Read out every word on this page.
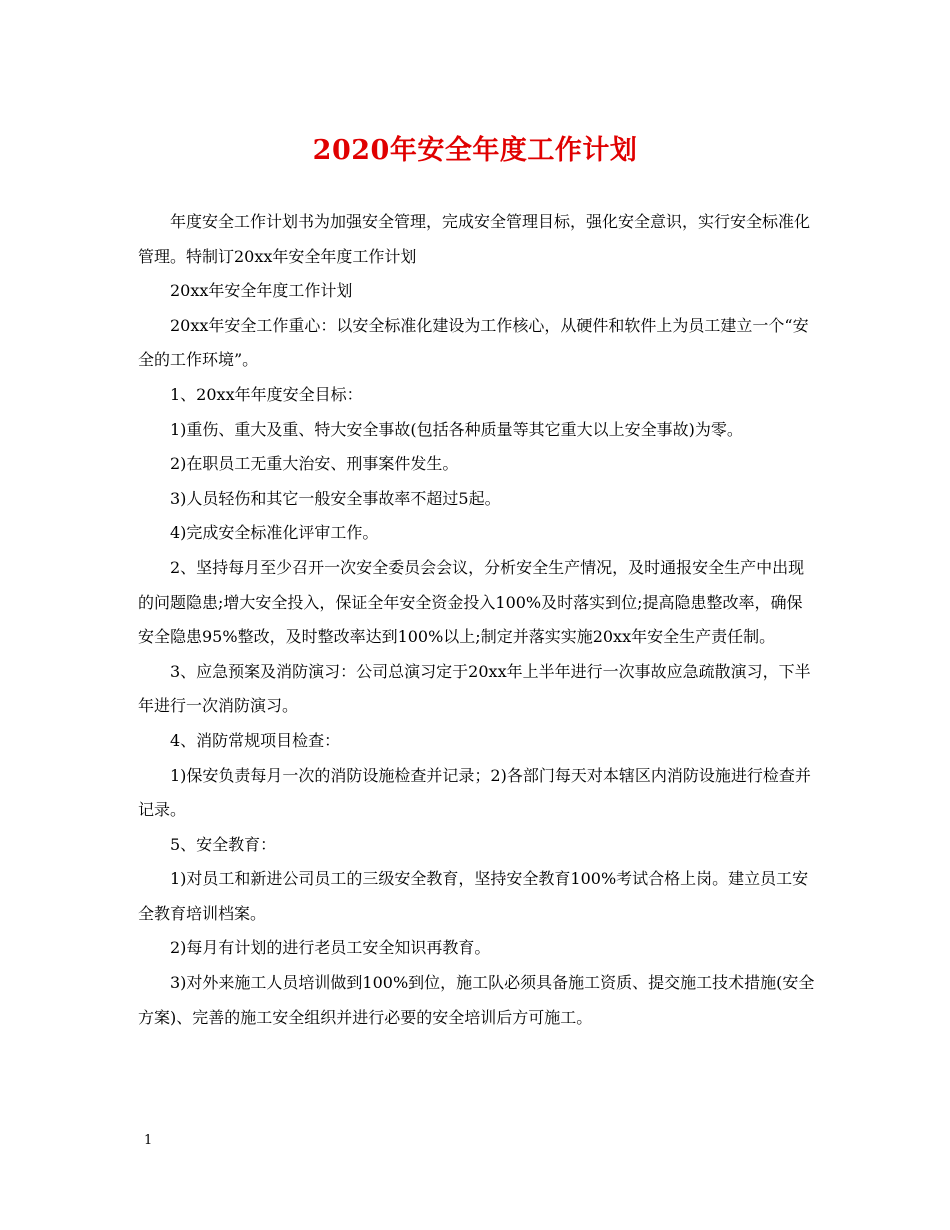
2020年安全年度工作计划

年度安全工作计划书为加强安全管理，完成安全管理目标，强化安全意识，实行安全标准化管理。特制订20xx年安全年度工作计划

20xx年安全年度工作计划

20xx年安全工作重心：以安全标准化建设为工作核心，从硬件和软件上为员工建立一个“安全的工作环境”。

1、20xx年年度安全目标：

1)重伤、重大及重、特大安全事故(包括各种质量等其它重大以上安全事故)为零。

2)在职员工无重大治安、刑事案件发生。

3)人员轻伤和其它一般安全事故率不超过5起。

4)完成安全标准化评审工作。

2、坚持每月至少召开一次安全委员会会议，分析安全生产情况，及时通报安全生产中出现的问题隐患;增大安全投入，保证全年安全资金投入100%及时落实到位;提高隐患整改率，确保安全隐患95%整改，及时整改率达到100%以上;制定并落实实施20xx年安全生产责任制。

3、应急预案及消防演习：公司总演习定于20xx年上半年进行一次事故应急疏散演习，下半年进行一次消防演习。

4、消防常规项目检查：

1)保安负责每月一次的消防设施检查并记录；2)各部门每天对本辖区内消防设施进行检查并记录。

5、安全教育：

1)对员工和新进公司员工的三级安全教育，坚持安全教育100%考试合格上岗。建立员工安全教育培训档案。

2)每月有计划的进行老员工安全知识再教育。

3)对外来施工人员培训做到100%到位，施工队必须具备施工资质、提交施工技术措施(安全方案)、完善的施工安全组织并进行必要的安全培训后方可施工。

1
